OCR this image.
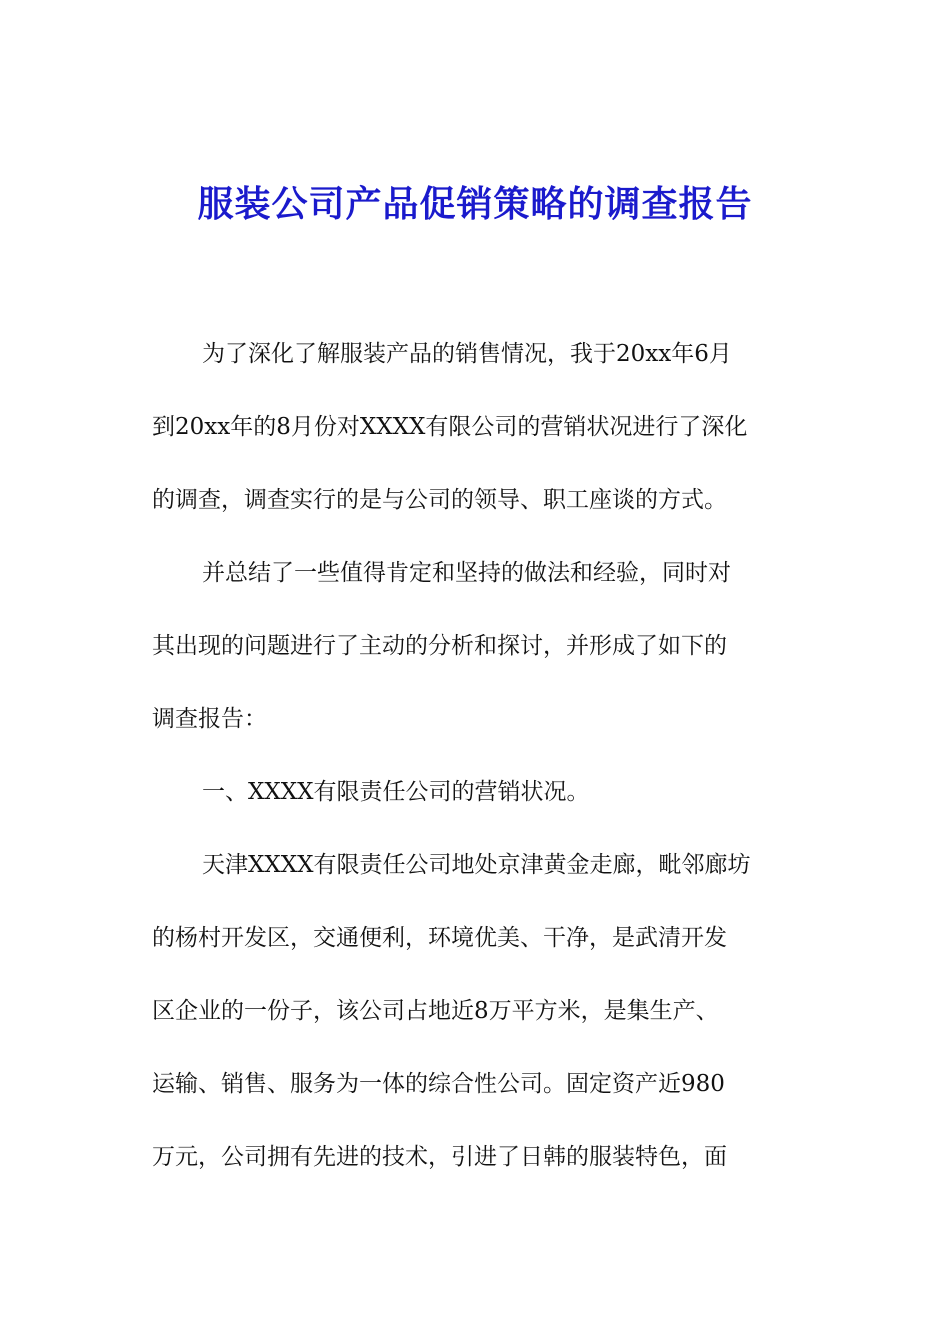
服装公司产品促销策略的调查报告
为了深化了解服装产品的销售情况，我于20xx年6月
到20xx年的8月份对XXXX有限公司的营销状况进行了深化
的调查，调查实行的是与公司的领导、职工座谈的方式。
并总结了一些值得肯定和坚持的做法和经验，同时对
其出现的问题进行了主动的分析和探讨，并形成了如下的
调查报告：
一、XXXX有限责任公司的营销状况。
天津XXXX有限责任公司地处京津黄金走廊，毗邻廊坊
的杨村开发区，交通便利，环境优美、干净，是武清开发
区企业的一份子，该公司占地近8万平方米，是集生产、
运输、销售、服务为一体的综合性公司。固定资产近980
万元，公司拥有先进的技术，引进了日韩的服装特色，面
